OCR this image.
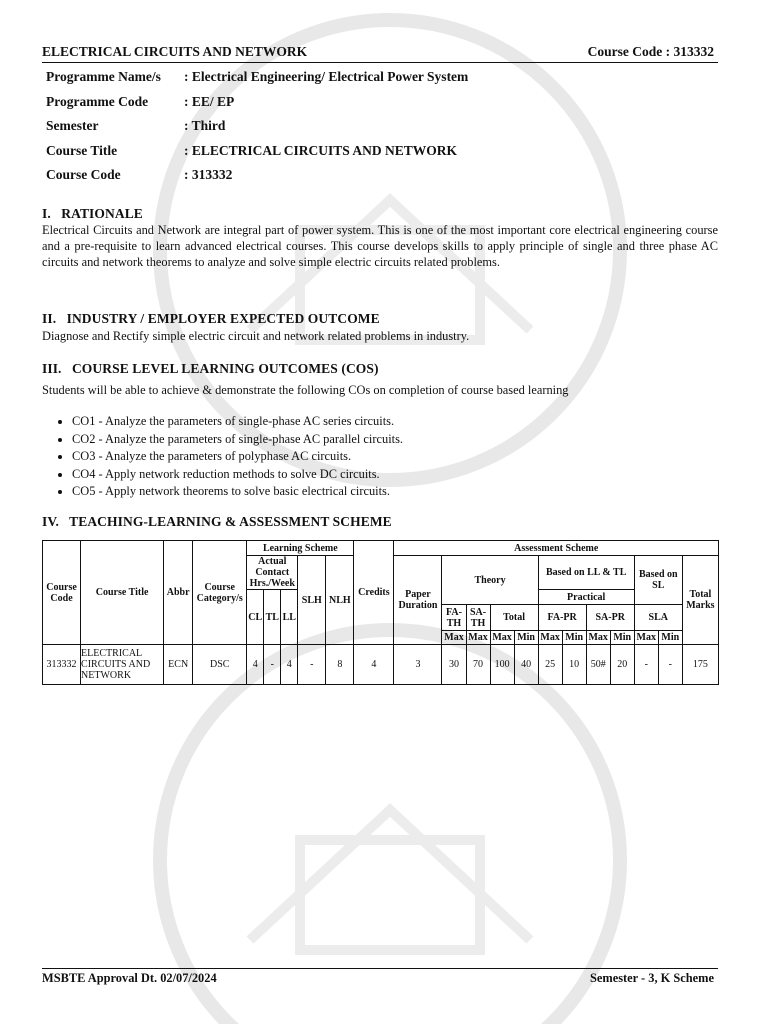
ELECTRICAL CIRCUITS AND NETWORK	Course Code : 313332
Programme Name/s	: Electrical Engineering/ Electrical Power System
Programme Code	: EE/ EP
Semester	: Third
Course Title	: ELECTRICAL CIRCUITS AND NETWORK
Course Code	: 313332
I.   RATIONALE
Electrical Circuits and Network are integral part of power system. This is one of the most important core electrical engineering course and a pre-requisite to learn advanced electrical courses. This course develops skills to apply principle of single and three phase AC circuits and network theorems to analyze and solve simple electric circuits related problems.
II.   INDUSTRY / EMPLOYER EXPECTED OUTCOME
Diagnose and Rectify simple electric circuit and network related problems in industry.
III.   COURSE LEVEL LEARNING OUTCOMES (COS)
Students will be able to achieve & demonstrate the following COs on completion of course based learning
• CO1 - Analyze the parameters of single-phase AC series circuits.
• CO2 - Analyze the parameters of single-phase AC parallel circuits.
• CO3 - Analyze the parameters of polyphase AC circuits.
• CO4 - Apply network reduction methods to solve DC circuits.
• CO5 - Apply network theorems to solve basic electrical circuits.
IV.   TEACHING-LEARNING & ASSESSMENT SCHEME
Course Code	Course Title	Abbr	Course Category/s	Learning Scheme					Credits	Assessment Scheme											
				Actual Contact Hrs./Week			SLH	NLH		Paper Duration	Theory				Based on LL & TL				Based on SL		Total Marks
				CL	TL	LL									Practical						
											FA-TH	SA-TH	Total		FA-PR		SA-PR		SLA		
											Max	Max	Max	Min	Max	Min	Max	Min	Max	Min	
313332	ELECTRICAL CIRCUITS AND NETWORK	ECN	DSC	4	-	4	-	8	4	3	30	70	100	40	25	10	50#	20	-	-	175
MSBTE Approval Dt. 02/07/2024	Semester - 3, K Scheme
